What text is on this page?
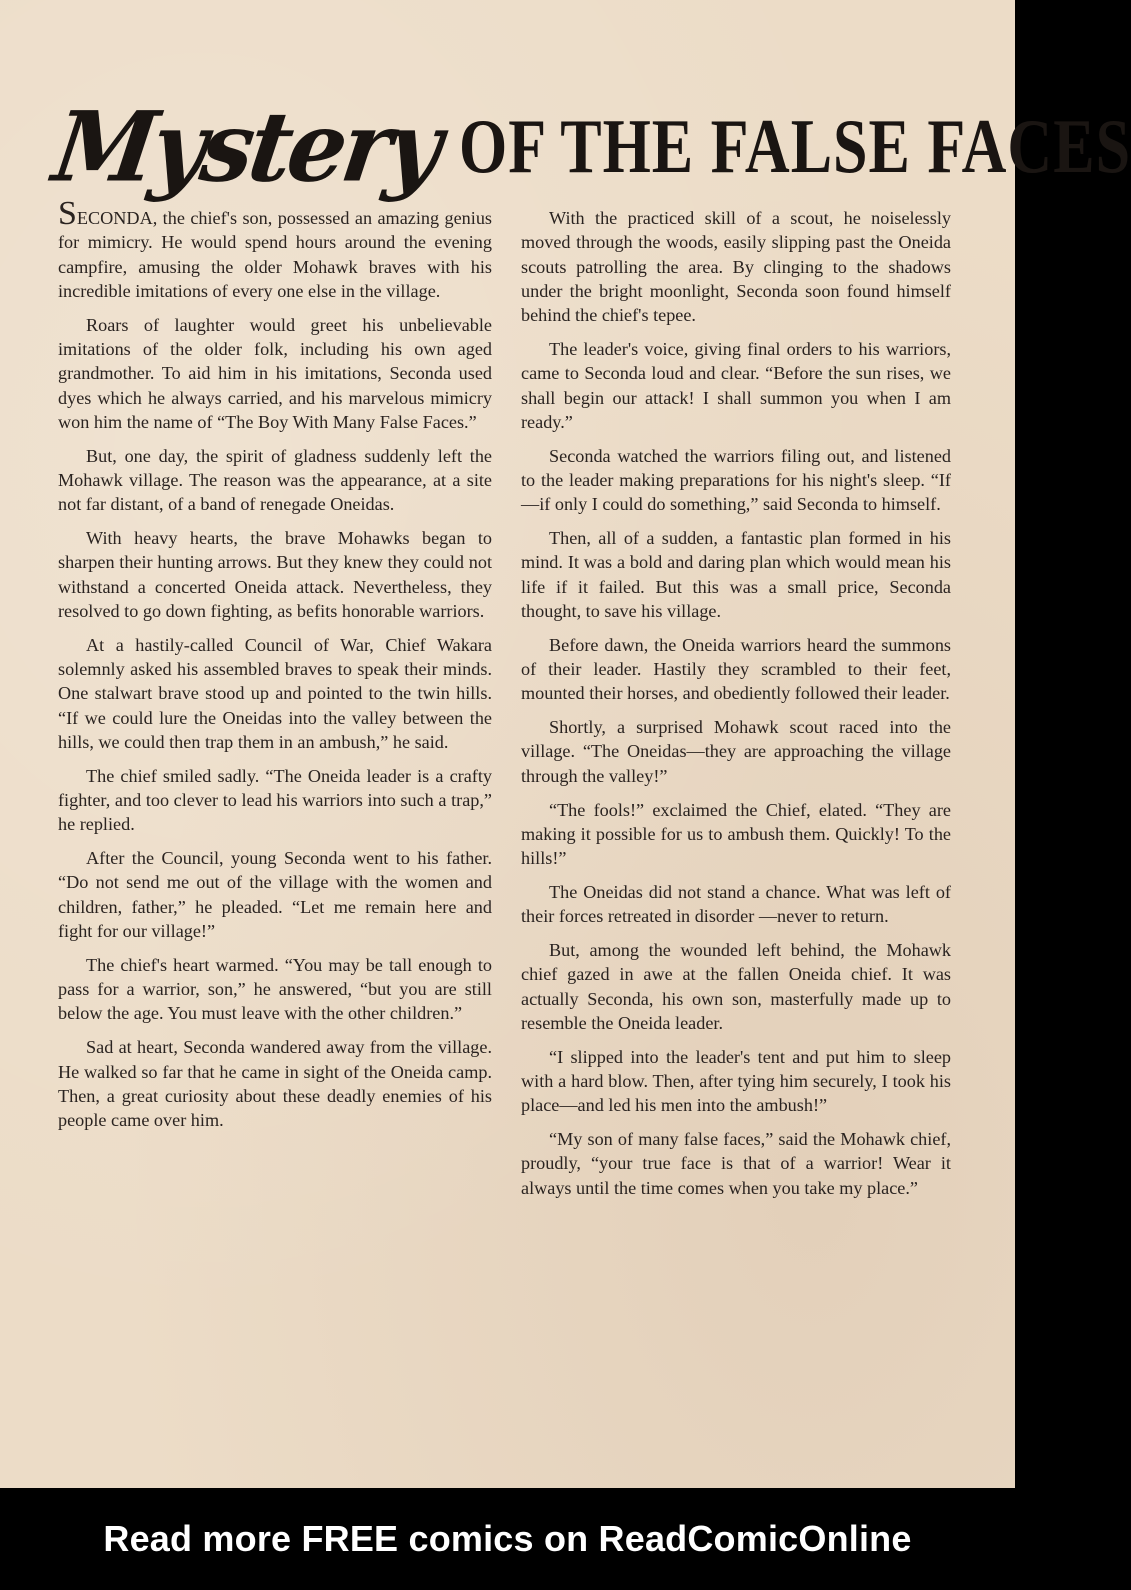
Mystery OF THE FALSE FACES

SECONDA, the chief's son, possessed an amazing genius for mimicry. He would spend hours around the evening campfire, amusing the older Mohawk braves with his incredible imitations of every one else in the village.

Roars of laughter would greet his unbelievable imitations of the older folk, including his own aged grandmother. To aid him in his imitations, Seconda used dyes which he always carried, and his marvelous mimicry won him the name of “The Boy With Many False Faces.”

But, one day, the spirit of gladness suddenly left the Mohawk village. The reason was the appearance, at a site not far distant, of a band of renegade Oneidas.

With heavy hearts, the brave Mohawks began to sharpen their hunting arrows. But they knew they could not withstand a concerted Oneida attack. Nevertheless, they resolved to go down fighting, as befits honorable warriors.

At a hastily-called Council of War, Chief Wakara solemnly asked his assembled braves to speak their minds. One stalwart brave stood up and pointed to the twin hills. “If we could lure the Oneidas into the valley between the hills, we could then trap them in an ambush,” he said.

The chief smiled sadly. “The Oneida leader is a crafty fighter, and too clever to lead his warriors into such a trap,” he replied.

After the Council, young Seconda went to his father. “Do not send me out of the village with the women and children, father,” he pleaded. “Let me remain here and fight for our village!”

The chief's heart warmed. “You may be tall enough to pass for a warrior, son,” he answered, “but you are still below the age. You must leave with the other children.”

Sad at heart, Seconda wandered away from the village. He walked so far that he came in sight of the Oneida camp. Then, a great curiosity about these deadly enemies of his people came over him.

With the practiced skill of a scout, he noiselessly moved through the woods, easily slipping past the Oneida scouts patrolling the area. By clinging to the shadows under the bright moonlight, Seconda soon found himself behind the chief's tepee.

The leader's voice, giving final orders to his warriors, came to Seconda loud and clear. “Before the sun rises, we shall begin our attack! I shall summon you when I am ready.”

Seconda watched the warriors filing out, and listened to the leader making preparations for his night's sleep. “If—if only I could do something,” said Seconda to himself.

Then, all of a sudden, a fantastic plan formed in his mind. It was a bold and daring plan which would mean his life if it failed. But this was a small price, Seconda thought, to save his village.

Before dawn, the Oneida warriors heard the summons of their leader. Hastily they scrambled to their feet, mounted their horses, and obediently followed their leader.

Shortly, a surprised Mohawk scout raced into the village. “The Oneidas—they are approaching the village through the valley!”

“The fools!” exclaimed the Chief, elated. “They are making it possible for us to ambush them. Quickly! To the hills!”

The Oneidas did not stand a chance. What was left of their forces retreated in disorder —never to return.

But, among the wounded left behind, the Mohawk chief gazed in awe at the fallen Oneida chief. It was actually Seconda, his own son, masterfully made up to resemble the Oneida leader.

“I slipped into the leader's tent and put him to sleep with a hard blow. Then, after tying him securely, I took his place—and led his men into the ambush!”

“My son of many false faces,” said the Mohawk chief, proudly, “your true face is that of a warrior! Wear it always until the time comes when you take my place.”

Read more FREE comics on ReadComicOnline
